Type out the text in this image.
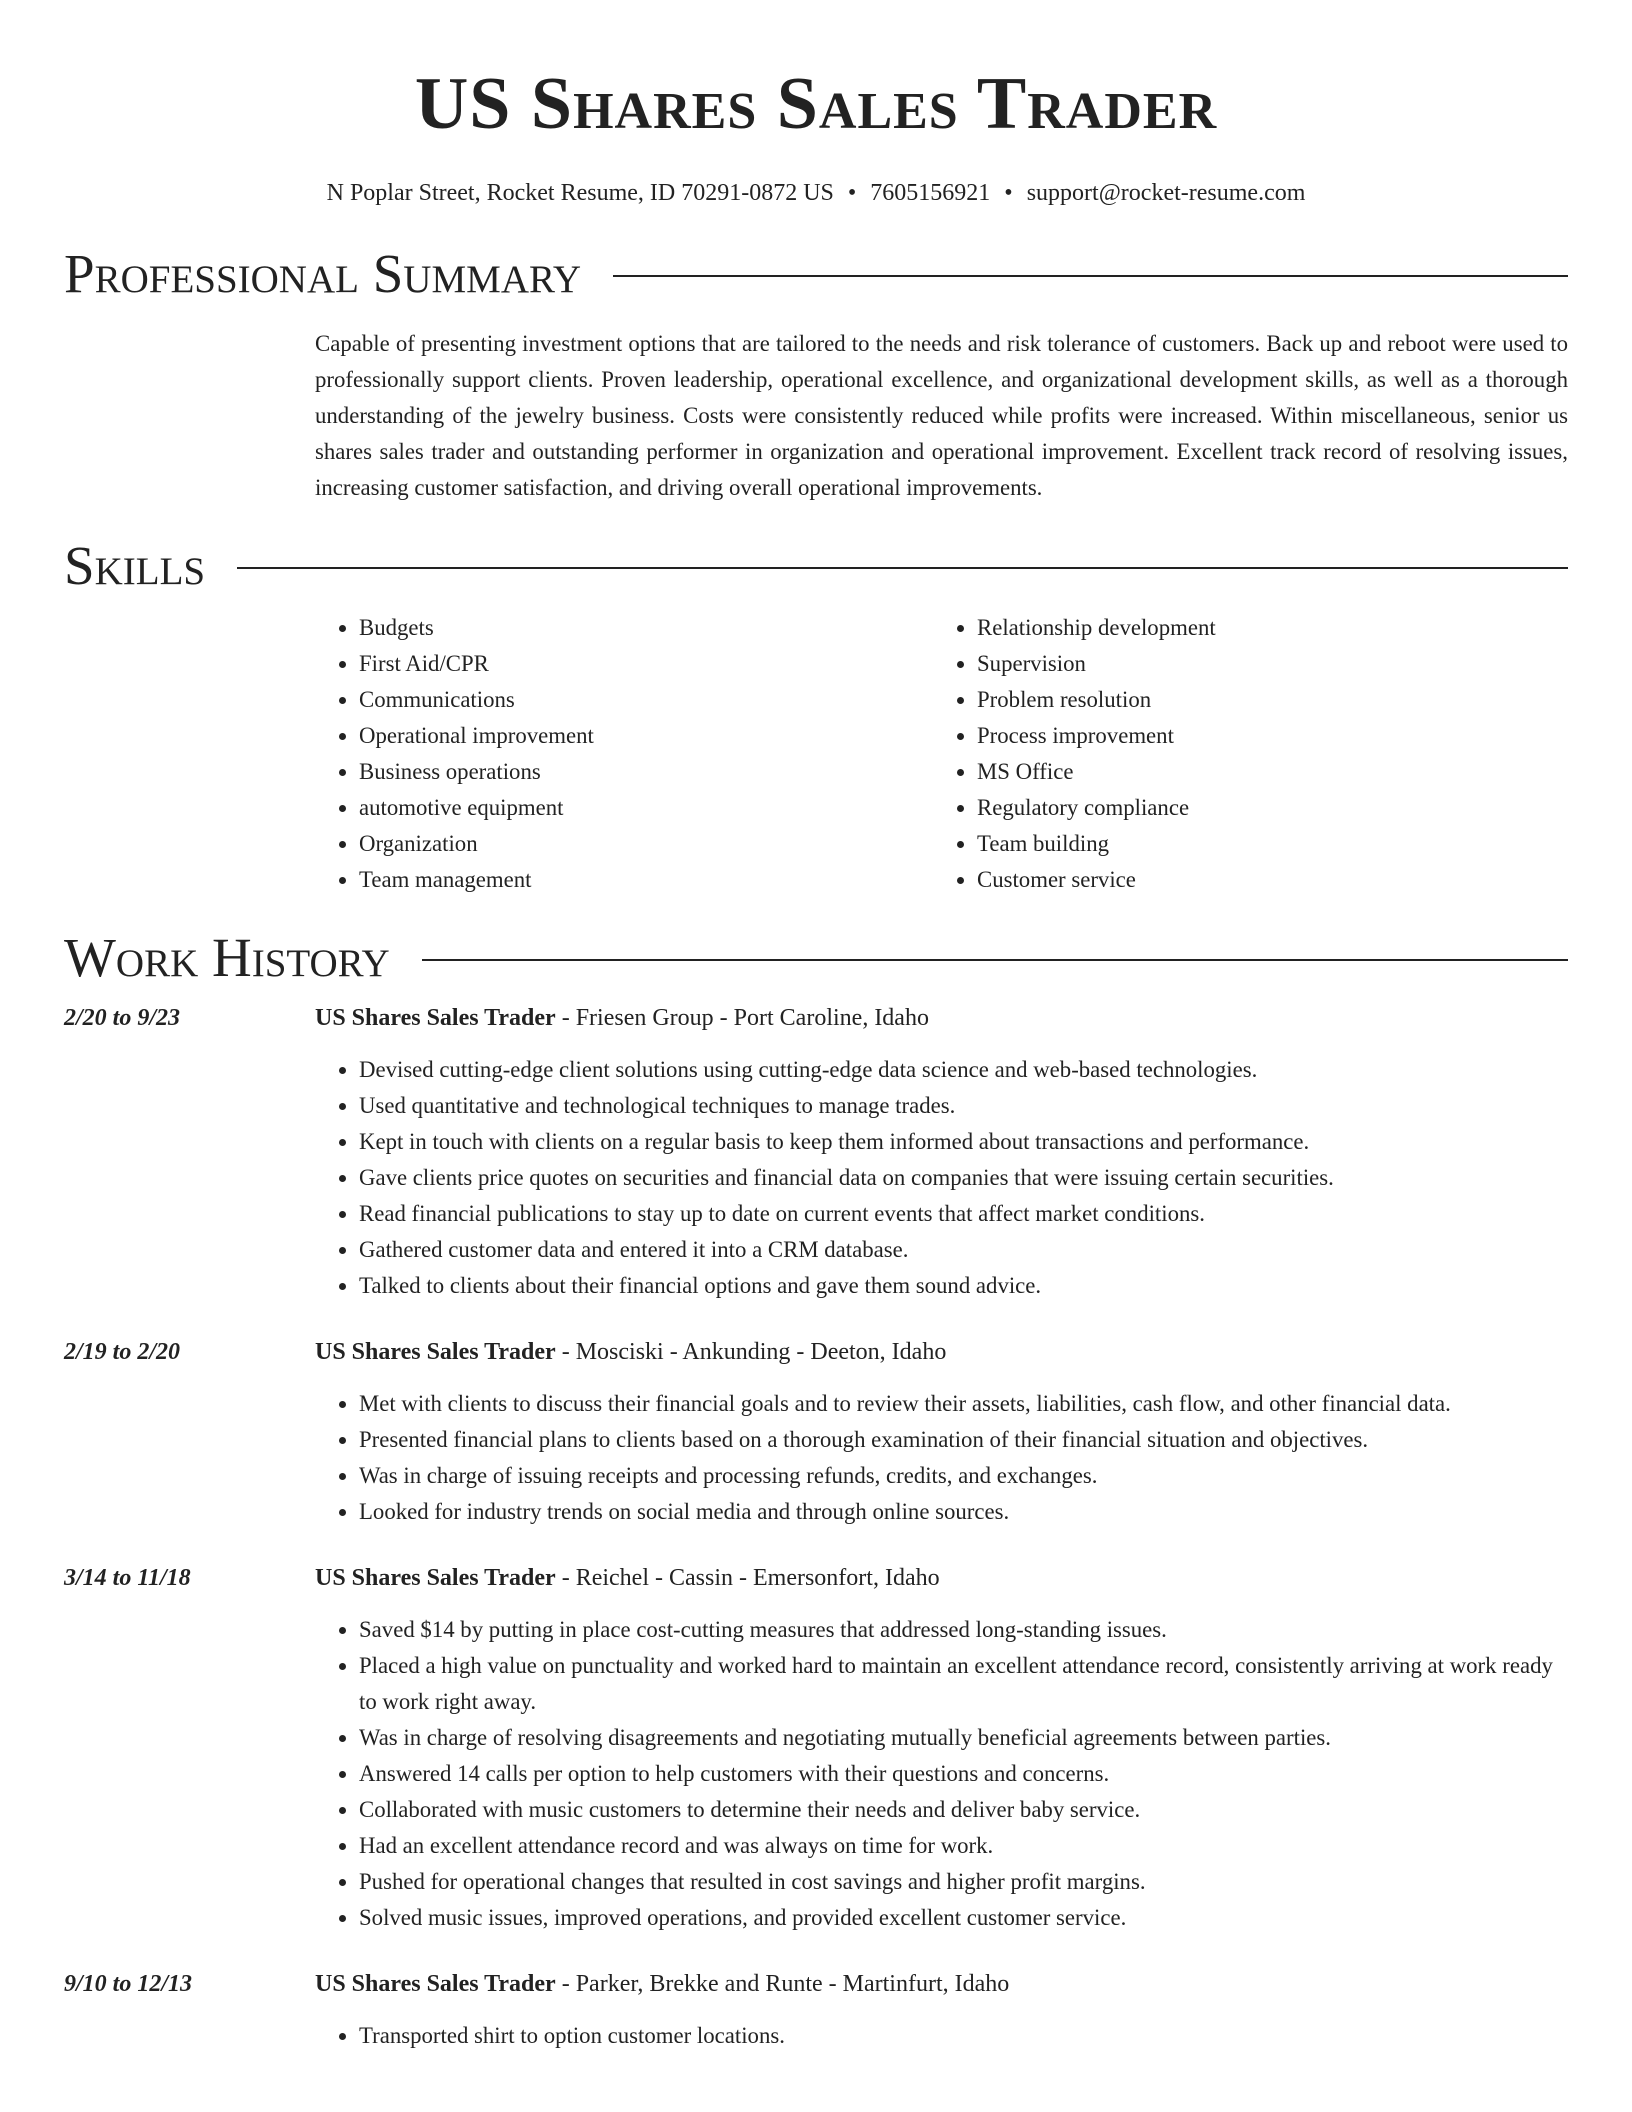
US Shares Sales Trader
N Poplar Street, Rocket Resume, ID 70291-0872 US • 7605156921 • support@rocket-resume.com
Professional Summary
Capable of presenting investment options that are tailored to the needs and risk tolerance of customers. Back up and reboot were used to professionally support clients. Proven leadership, operational excellence, and organizational development skills, as well as a thorough understanding of the jewelry business. Costs were consistently reduced while profits were increased. Within miscellaneous, senior us shares sales trader and outstanding performer in organization and operational improvement. Excellent track record of resolving issues, increasing customer satisfaction, and driving overall operational improvements.
Skills
• Budgets
• First Aid/CPR
• Communications
• Operational improvement
• Business operations
• automotive equipment
• Organization
• Team management
• Relationship development
• Supervision
• Problem resolution
• Process improvement
• MS Office
• Regulatory compliance
• Team building
• Customer service
Work History
2/20 to 9/23	US Shares Sales Trader - Friesen Group - Port Caroline, Idaho
• Devised cutting-edge client solutions using cutting-edge data science and web-based technologies.
• Used quantitative and technological techniques to manage trades.
• Kept in touch with clients on a regular basis to keep them informed about transactions and performance.
• Gave clients price quotes on securities and financial data on companies that were issuing certain securities.
• Read financial publications to stay up to date on current events that affect market conditions.
• Gathered customer data and entered it into a CRM database.
• Talked to clients about their financial options and gave them sound advice.
2/19 to 2/20	US Shares Sales Trader - Mosciski - Ankunding - Deeton, Idaho
• Met with clients to discuss their financial goals and to review their assets, liabilities, cash flow, and other financial data.
• Presented financial plans to clients based on a thorough examination of their financial situation and objectives.
• Was in charge of issuing receipts and processing refunds, credits, and exchanges.
• Looked for industry trends on social media and through online sources.
3/14 to 11/18	US Shares Sales Trader - Reichel - Cassin - Emersonfort, Idaho
• Saved $14 by putting in place cost-cutting measures that addressed long-standing issues.
• Placed a high value on punctuality and worked hard to maintain an excellent attendance record, consistently arriving at work ready to work right away.
• Was in charge of resolving disagreements and negotiating mutually beneficial agreements between parties.
• Answered 14 calls per option to help customers with their questions and concerns.
• Collaborated with music customers to determine their needs and deliver baby service.
• Had an excellent attendance record and was always on time for work.
• Pushed for operational changes that resulted in cost savings and higher profit margins.
• Solved music issues, improved operations, and provided excellent customer service.
9/10 to 12/13	US Shares Sales Trader - Parker, Brekke and Runte - Martinfurt, Idaho
• Transported shirt to option customer locations.
